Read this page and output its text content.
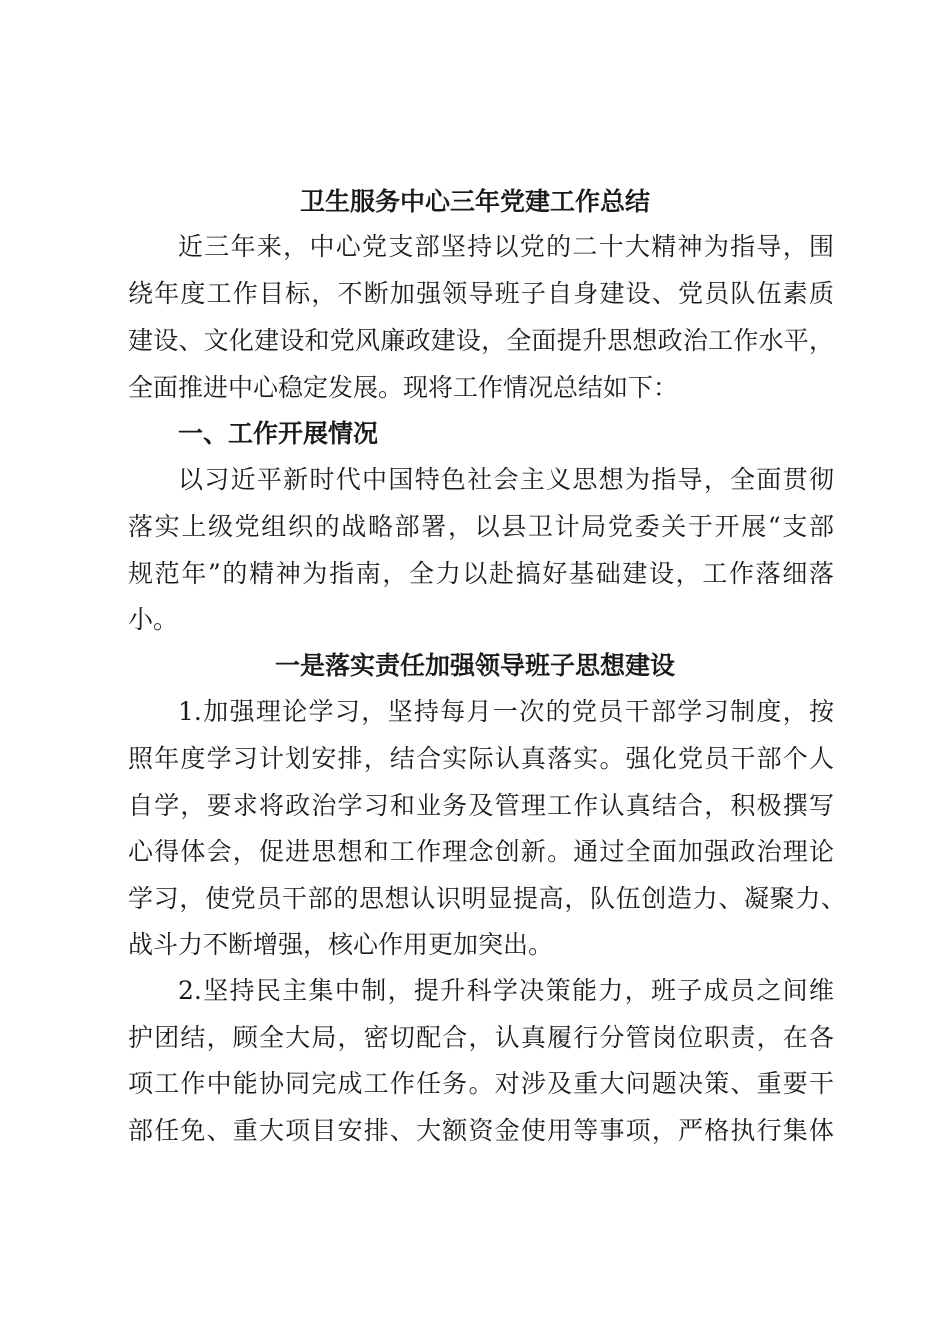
卫生服务中心三年党建工作总结
近三年来，中心党支部坚持以党的二十大精神为指导，围
绕年度工作目标，不断加强领导班子自身建设、党员队伍素质
建设、文化建设和党风廉政建设，全面提升思想政治工作水平，
全面推进中心稳定发展。现将工作情况总结如下：
一、工作开展情况
以习近平新时代中国特色社会主义思想为指导，全面贯彻
落实上级党组织的战略部署，以县卫计局党委关于开展“支部
规范年”的精神为指南，全力以赴搞好基础建设，工作落细落
小。
一是落实责任加强领导班子思想建设
1.加强理论学习，坚持每月一次的党员干部学习制度，按
照年度学习计划安排，结合实际认真落实。强化党员干部个人
自学，要求将政治学习和业务及管理工作认真结合，积极撰写
心得体会，促进思想和工作理念创新。通过全面加强政治理论
学习，使党员干部的思想认识明显提高，队伍创造力、凝聚力、
战斗力不断增强，核心作用更加突出。
2.坚持民主集中制，提升科学决策能力，班子成员之间维
护团结，顾全大局，密切配合，认真履行分管岗位职责，在各
项工作中能协同完成工作任务。对涉及重大问题决策、重要干
部任免、重大项目安排、大额资金使用等事项，严格执行集体
